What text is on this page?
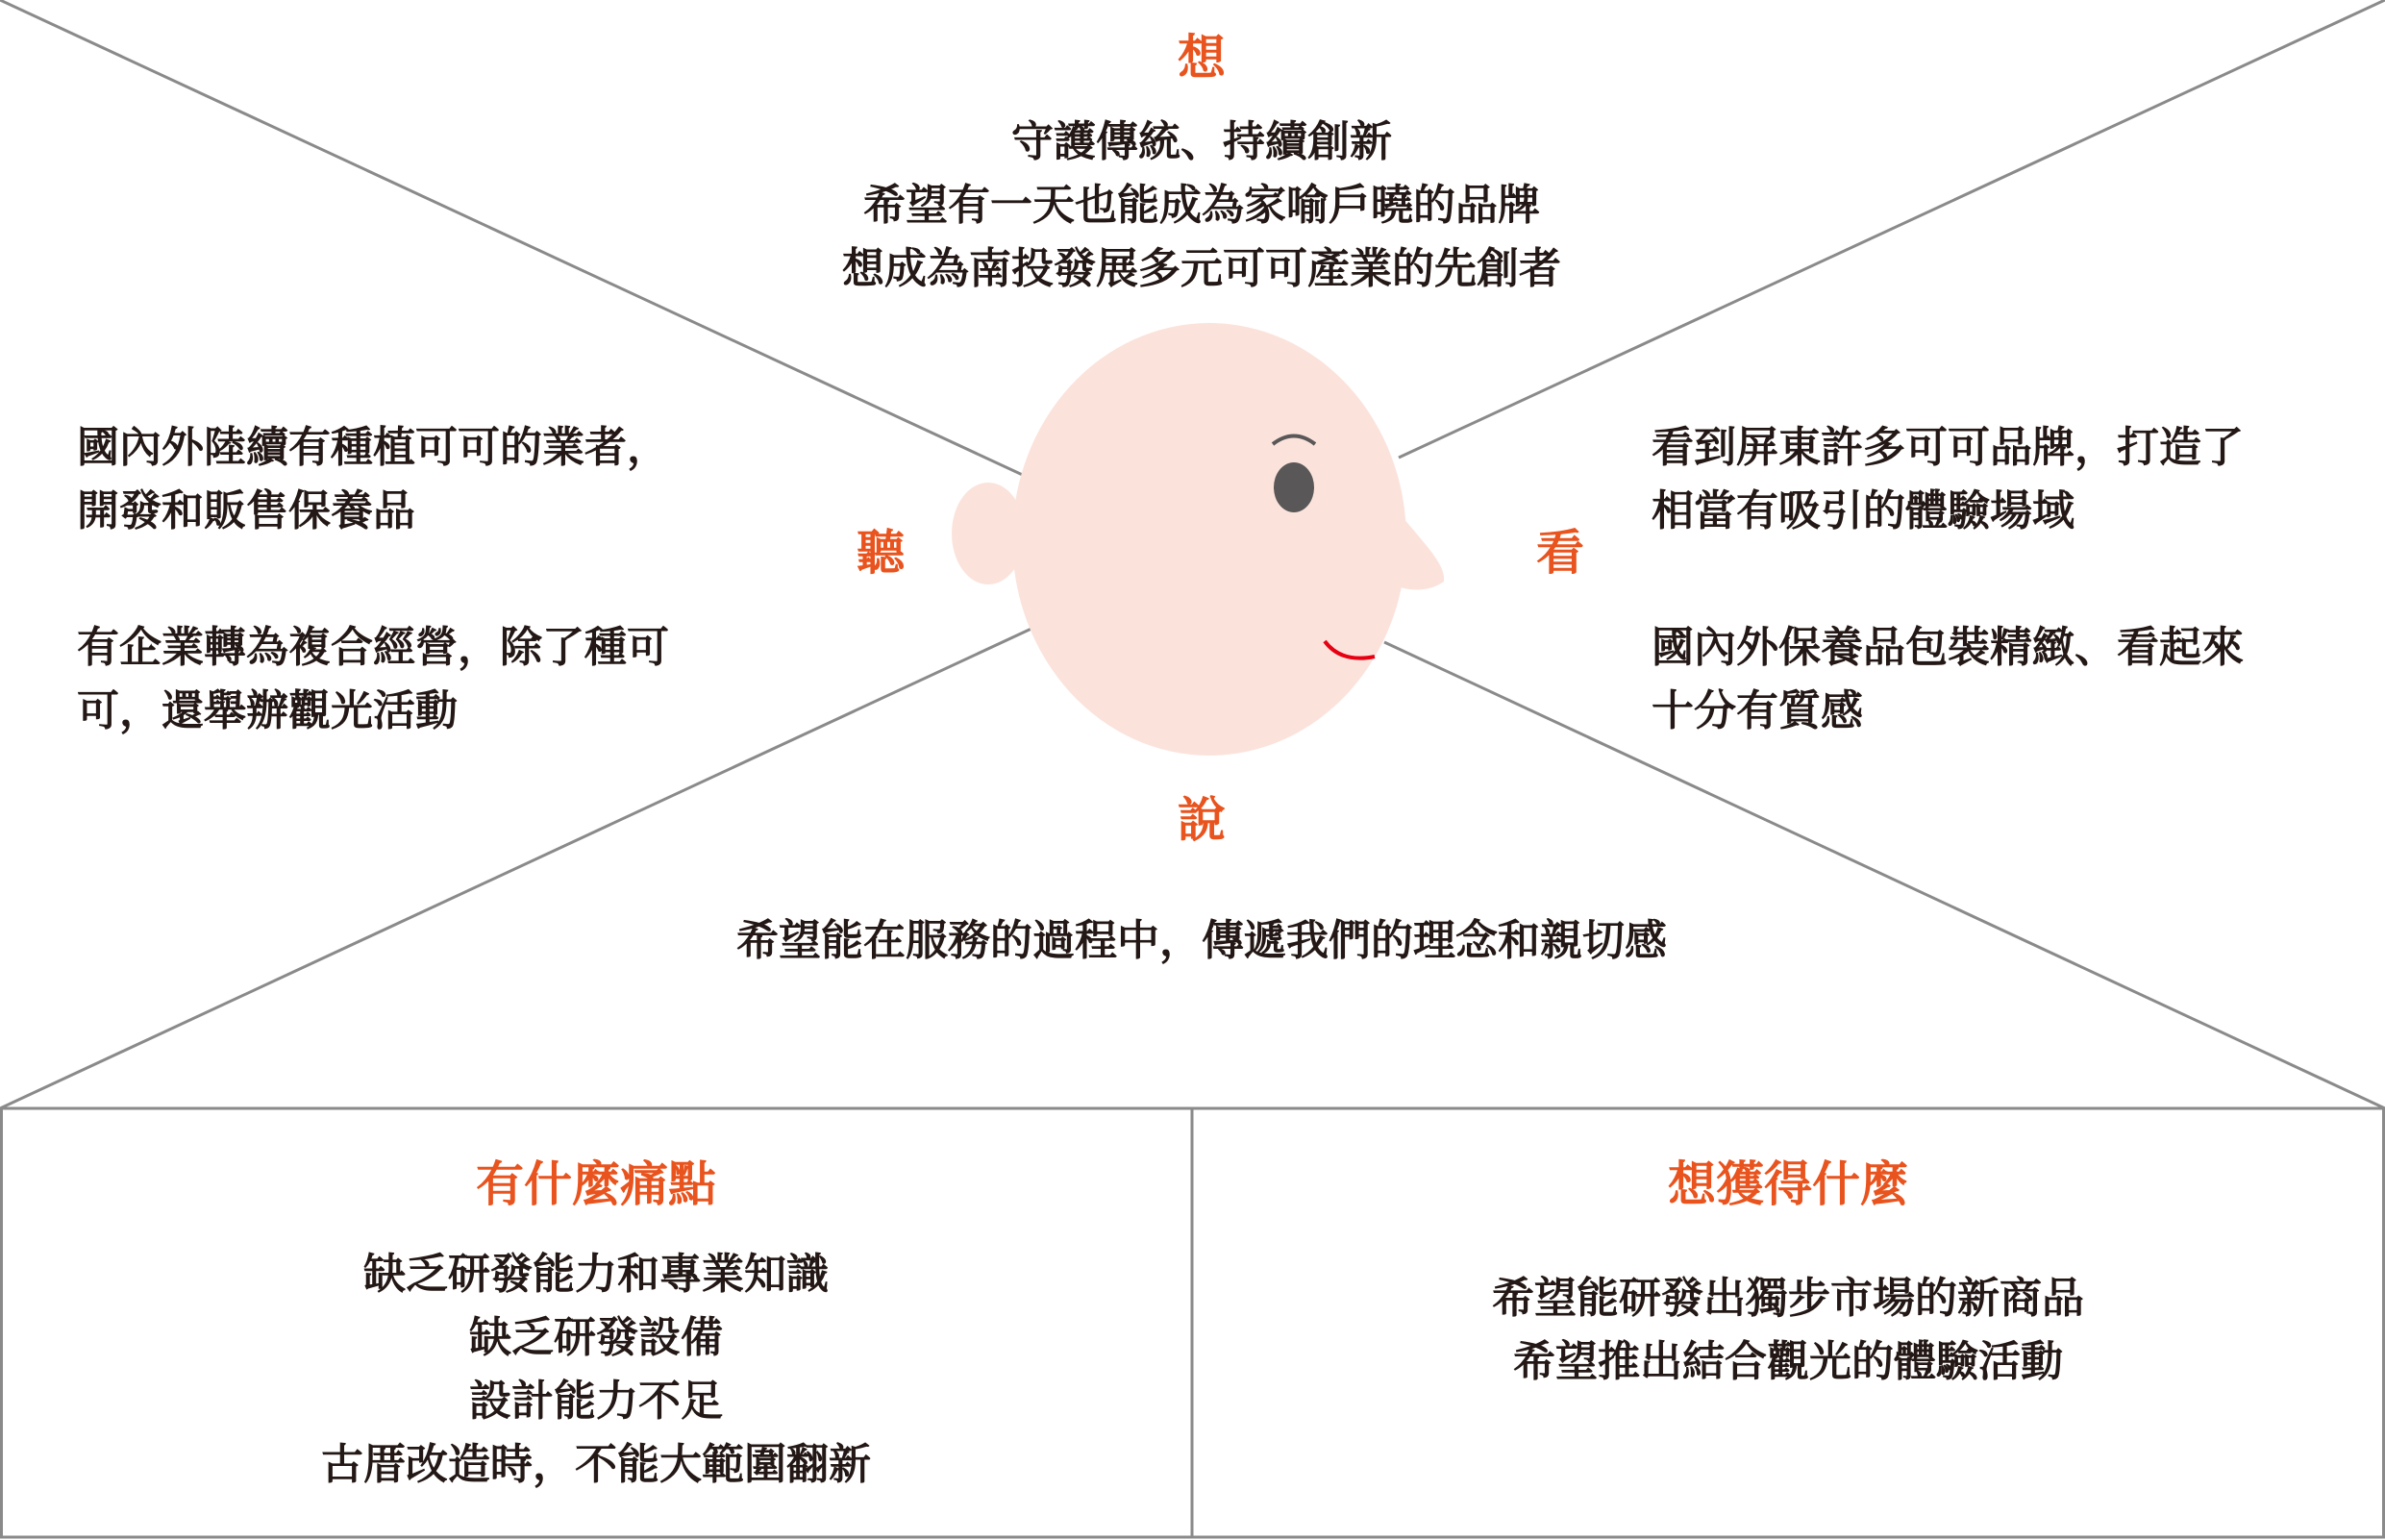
想
守護傳統、持續創新
希望有一天也能成為家喻戶曉的品牌
想成為南投發展多元可可產業的先創者
聽
國內外陸續有種植可可的業者，
開發和販售保養品
有企業轉為複合經營，除了種可
可，還舉辦觀光活動
看
看到屏東許多可可品牌，打造了
相當有吸引的體驗場域
國內外保養品包裝精緻、看起來
十分有質感
說
希望能在服務的過程中，傳遞我們的理念和親切感
有什麼痛點
缺乏研發能力和專業知識
缺乏研發設備
設計能力不足
古厝改造時，不能大範圍翻新
想獲得什麼
希望能研發出獨步市場的新商品
希望推出結合觀光的體驗活動
